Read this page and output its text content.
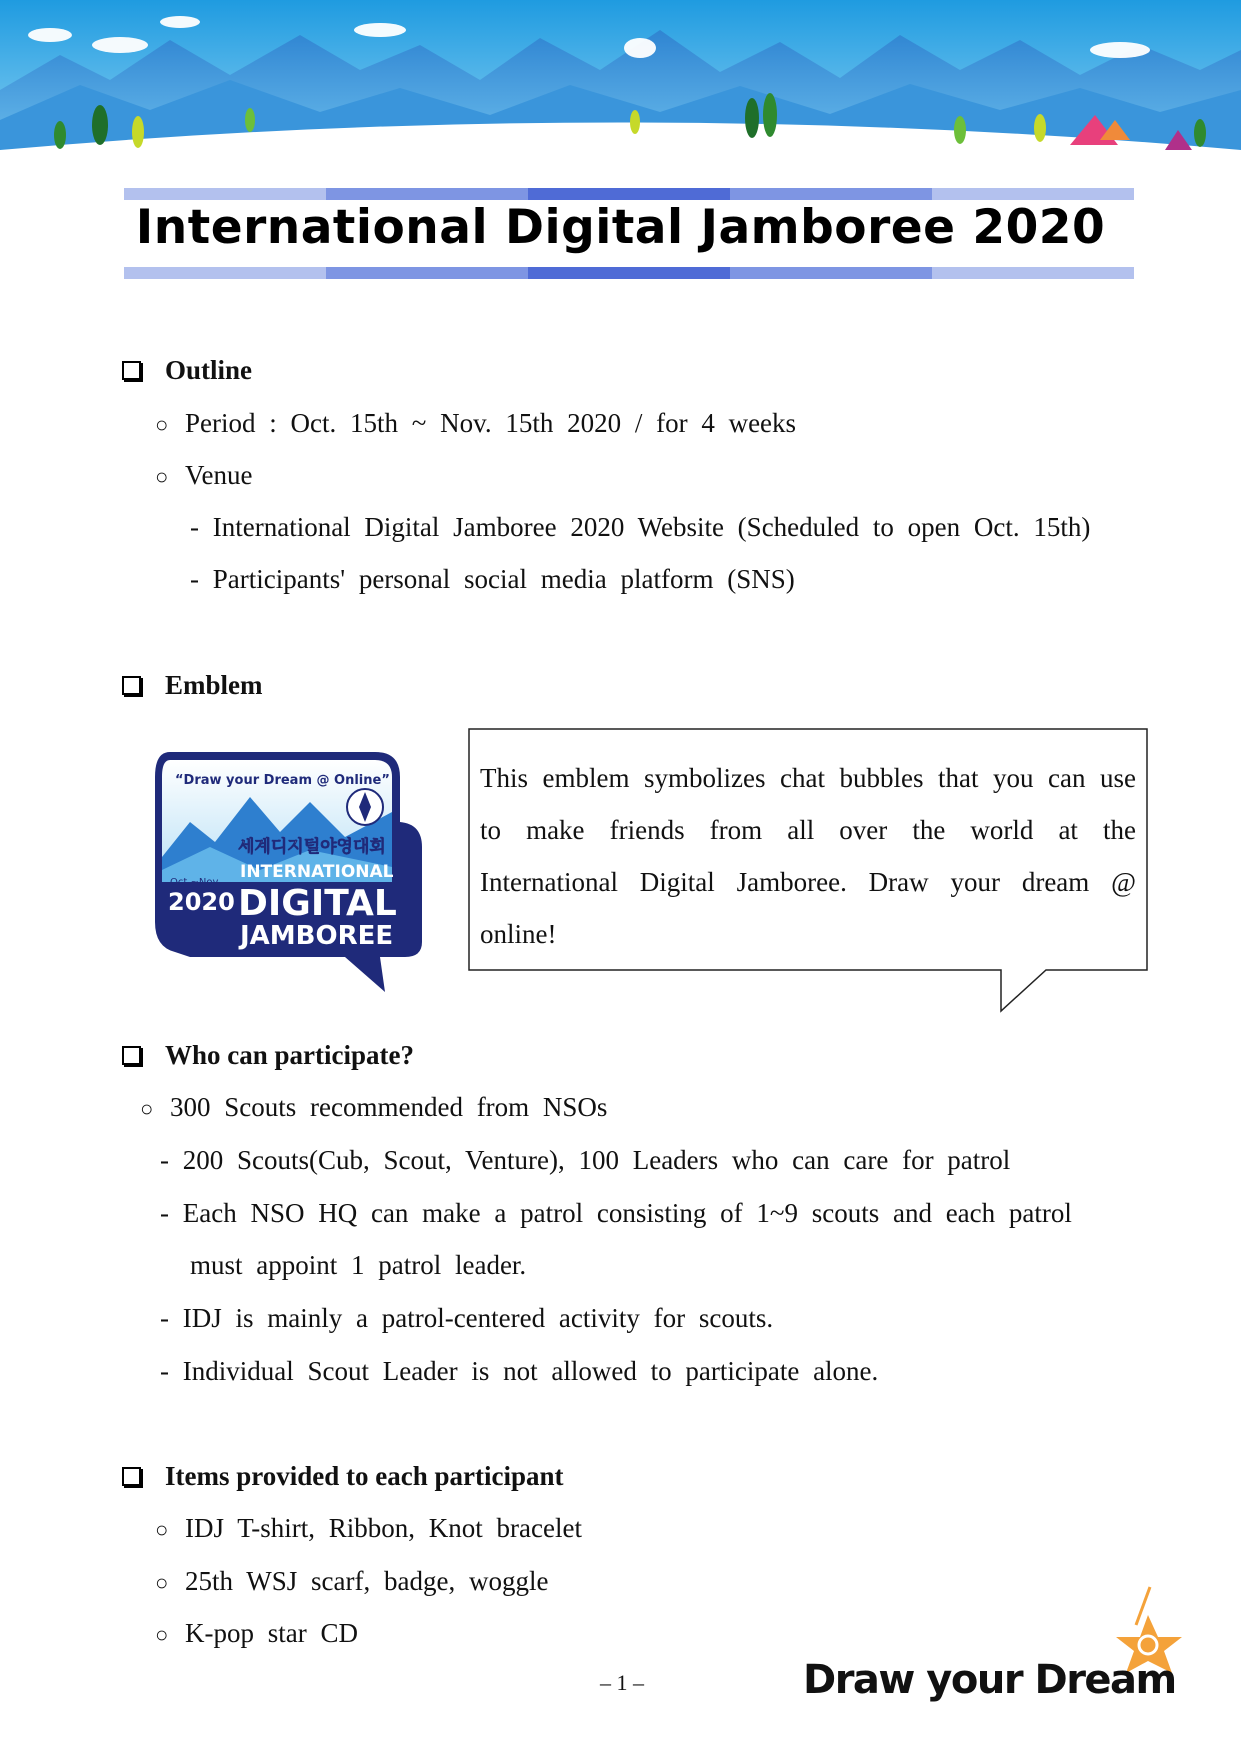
International Digital Jamboree 2020
Outline
○ Period : Oct. 15th ~ Nov. 15th 2020 / for 4 weeks
○ Venue
- International Digital Jamboree 2020 Website (Scheduled to open Oct. 15th)
- Participants' personal social media platform (SNS)
Emblem
“Draw your Dream @ Online”
세계디지털야영대회
INTERNATIONAL
DIGITAL
JAMBOREE
Oct.~Nov.
2020
This emblem symbolizes chat bubbles that you can use to make friends from all over the world at the International Digital Jamboree. Draw your dream @ online!
Who can participate?
○ 300 Scouts recommended from NSOs
- 200 Scouts(Cub, Scout, Venture), 100 Leaders who can care for patrol
- Each NSO HQ can make a patrol consisting of 1~9 scouts and each patrol
must appoint 1 patrol leader.
- IDJ is mainly a patrol-centered activity for scouts.
- Individual Scout Leader is not allowed to participate alone.
Items provided to each participant
○ IDJ T-shirt, Ribbon, Knot bracelet
○ 25th WSJ scarf, badge, woggle
○ K-pop star CD
– 1 –	Draw your Dream
